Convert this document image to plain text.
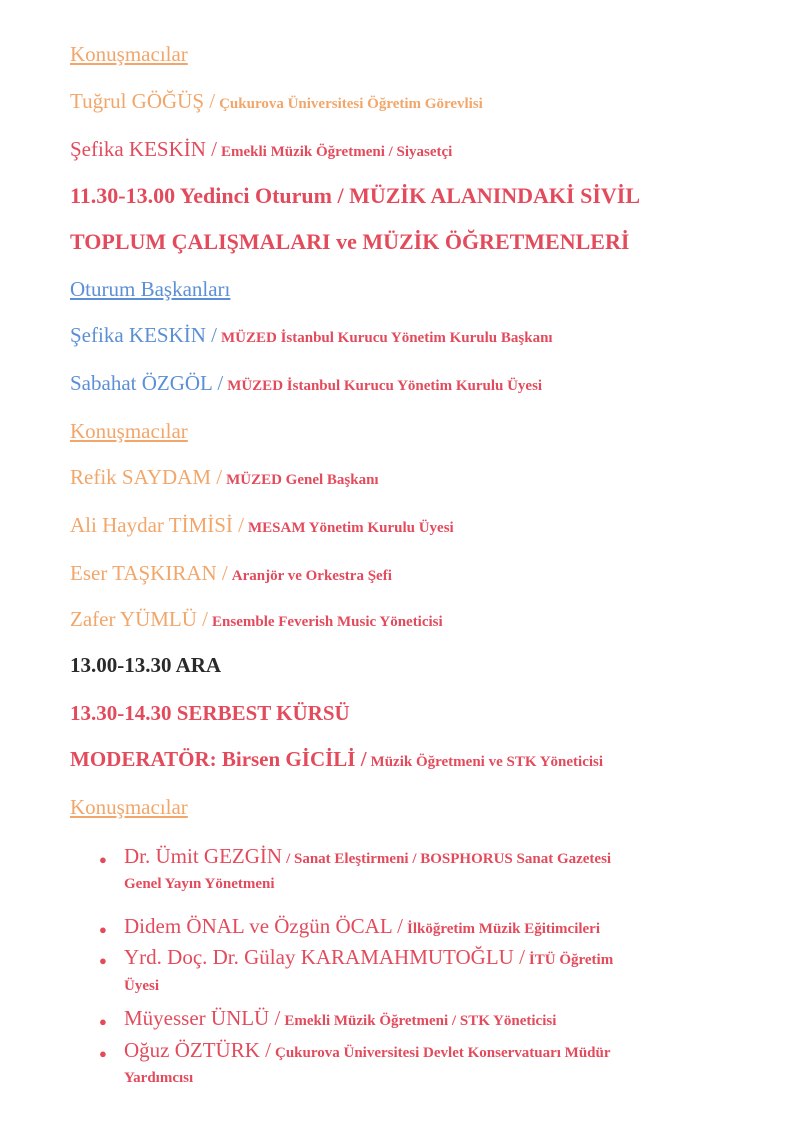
Konuşmacılar
Tuğrul GÖĞÜŞ / Çukurova Üniversitesi Öğretim Görevlisi
Şefika KESKİN / Emekli Müzik Öğretmeni / Siyasetçi
11.30-13.00 Yedinci Oturum / MÜZİK ALANINDAKİ SİVİL
TOPLUM ÇALIŞMALARI ve MÜZİK ÖĞRETMENLERİ
Oturum Başkanları
Şefika KESKİN / MÜZED İstanbul Kurucu Yönetim Kurulu Başkanı
Sabahat ÖZGÖL / MÜZED İstanbul Kurucu Yönetim Kurulu Üyesi
Konuşmacılar
Refik SAYDAM / MÜZED Genel Başkanı
Ali Haydar TİMİSİ / MESAM Yönetim Kurulu Üyesi
Eser TAŞKIRAN / Aranjör ve Orkestra Şefi
Zafer YÜMLÜ / Ensemble Feverish Music Yöneticisi
13.00-13.30 ARA
13.30-14.30 SERBEST KÜRSÜ
MODERATÖR: Birsen GİCİLİ / Müzik Öğretmeni ve STK Yöneticisi
Konuşmacılar
● Dr. Ümit GEZGİN / Sanat Eleştirmeni / BOSPHORUS Sanat Gazetesi
Genel Yayın Yönetmeni
● Didem ÖNAL ve Özgün ÖCAL / İlköğretim Müzik Eğitimcileri
● Yrd. Doç. Dr. Gülay KARAMAHMUTOĞLU / İTÜ Öğretim
Üyesi
● Müyesser ÜNLÜ / Emekli Müzik Öğretmeni / STK Yöneticisi
● Oğuz ÖZTÜRK / Çukurova Üniversitesi Devlet Konservatuarı Müdür
Yardımcısı
